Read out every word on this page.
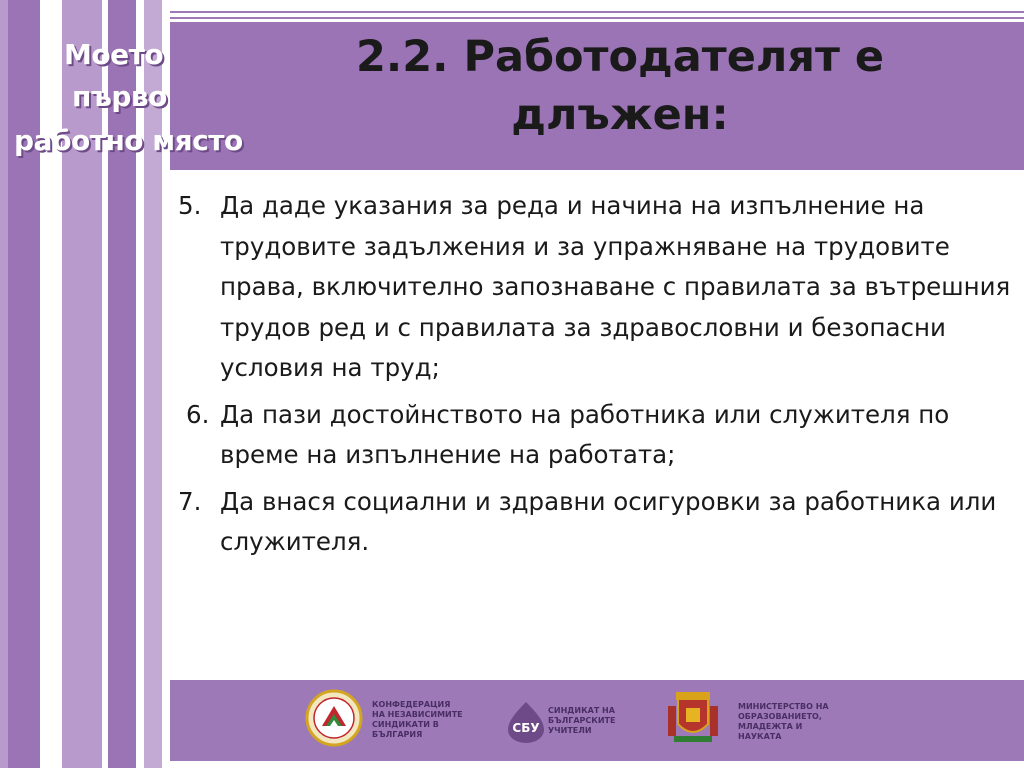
Моето
първо
работно място
2.2. Работодателят е
длъжен:
5. Да даде указания за реда и начина на изпълнение на трудовите задължения и за упражняване на трудовите права, включително запознаване с правилата за вътрешния трудов ред и с правилата за здравословни и безопасни условия на труд;
6. Да пази достойнството на работника или служителя по време на изпълнение на работата;
7. Да внася социални и здравни осигуровки за работника или служителя.
КОНФЕДЕРАЦИЯ НА НЕЗАВИСИМИТЕ СИНДИКАТИ В БЪЛГАРИЯ	СБУ
СИНДИКАТ НА БЪЛГАРСКИТЕ УЧИТЕЛИ
МИНИСТЕРСТВО НА ОБРАЗОВАНИЕТО, МЛАДЕЖТА И НАУКАТА
